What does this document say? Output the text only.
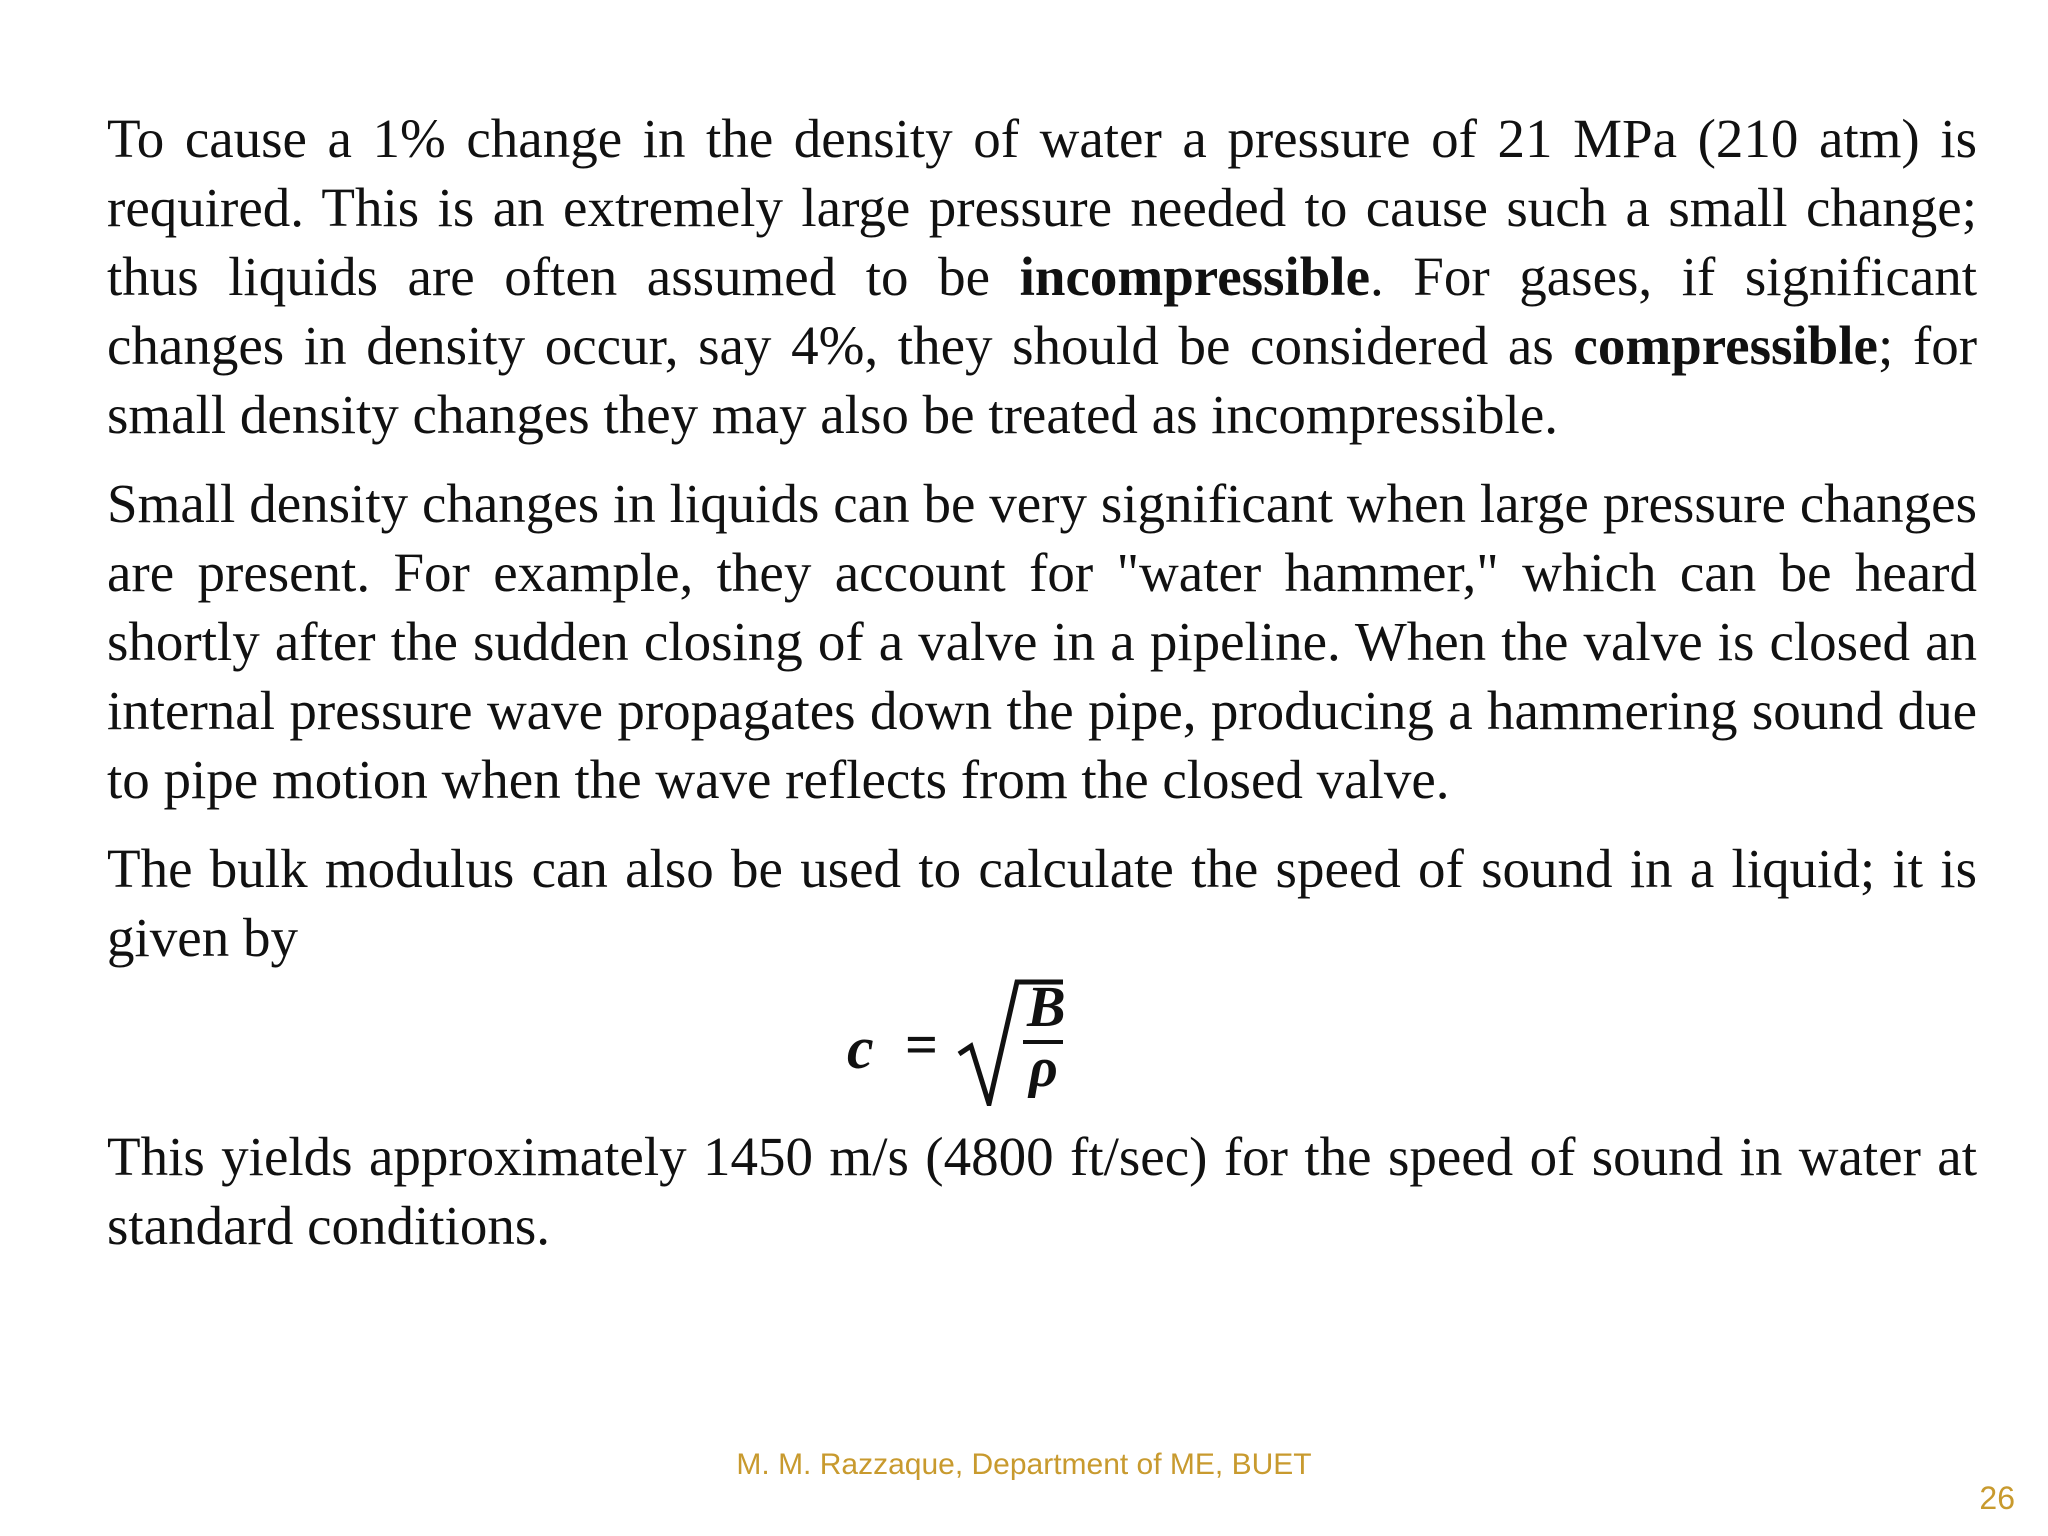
To cause a 1% change in the density of water a pressure of 21 MPa (210 atm) is required. This is an extremely large pressure needed to cause such a small change; thus liquids are often assumed to be incompressible. For gases, if significant changes in density occur, say 4%, they should be considered as compressible; for small density changes they may also be treated as incompressible.

Small density changes in liquids can be very significant when large pressure changes are present. For example, they account for "water hammer," which can be heard shortly after the sudden closing of a valve in a pipeline. When the valve is closed an internal pressure wave propagates down the pipe, producing a hammering sound due to pipe motion when the wave reflects from the closed valve.

The bulk modulus can also be used to calculate the speed of sound in a liquid; it is given by

c =
B
ρ

This yields approximately 1450 m/s (4800 ft/sec) for the speed of sound in water at standard conditions.

M. M. Razzaque, Department of ME, BUET
26
